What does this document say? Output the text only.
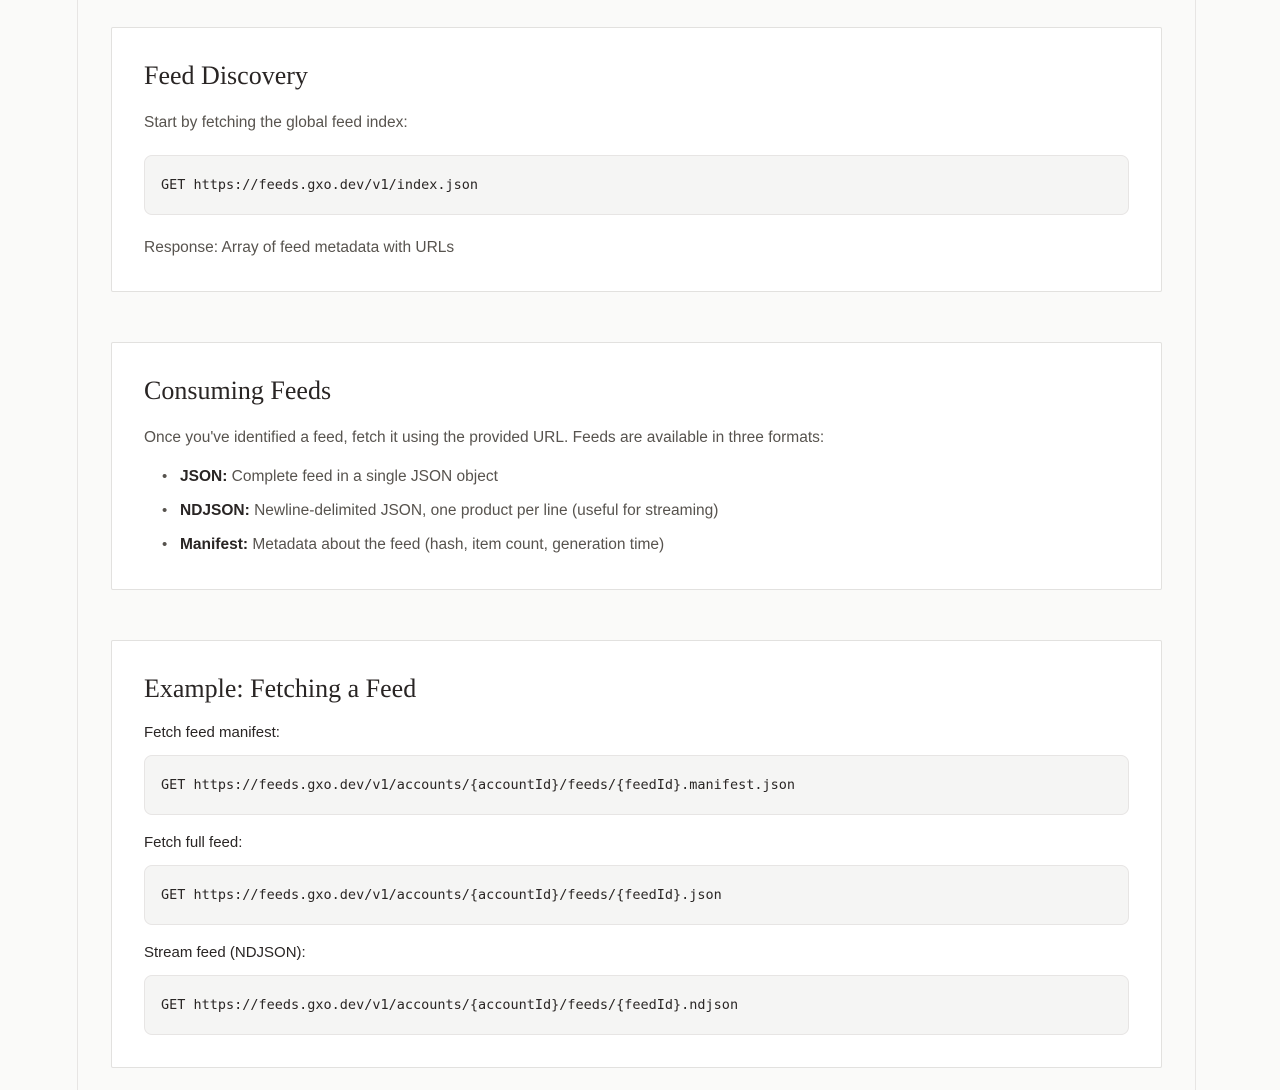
Feed Discovery

Start by fetching the global feed index:

GET https://feeds.gxo.dev/v1/index.json

Response: Array of feed metadata with URLs

Consuming Feeds

Once you've identified a feed, fetch it using the provided URL. Feeds are available in three formats:

• JSON: Complete feed in a single JSON object
• NDJSON: Newline-delimited JSON, one product per line (useful for streaming)
• Manifest: Metadata about the feed (hash, item count, generation time)
Example: Fetching a Feed

Fetch feed manifest:

GET https://feeds.gxo.dev/v1/accounts/{accountId}/feeds/{feedId}.manifest.json

Fetch full feed:

GET https://feeds.gxo.dev/v1/accounts/{accountId}/feeds/{feedId}.json

Stream feed (NDJSON):

GET https://feeds.gxo.dev/v1/accounts/{accountId}/feeds/{feedId}.ndjson
